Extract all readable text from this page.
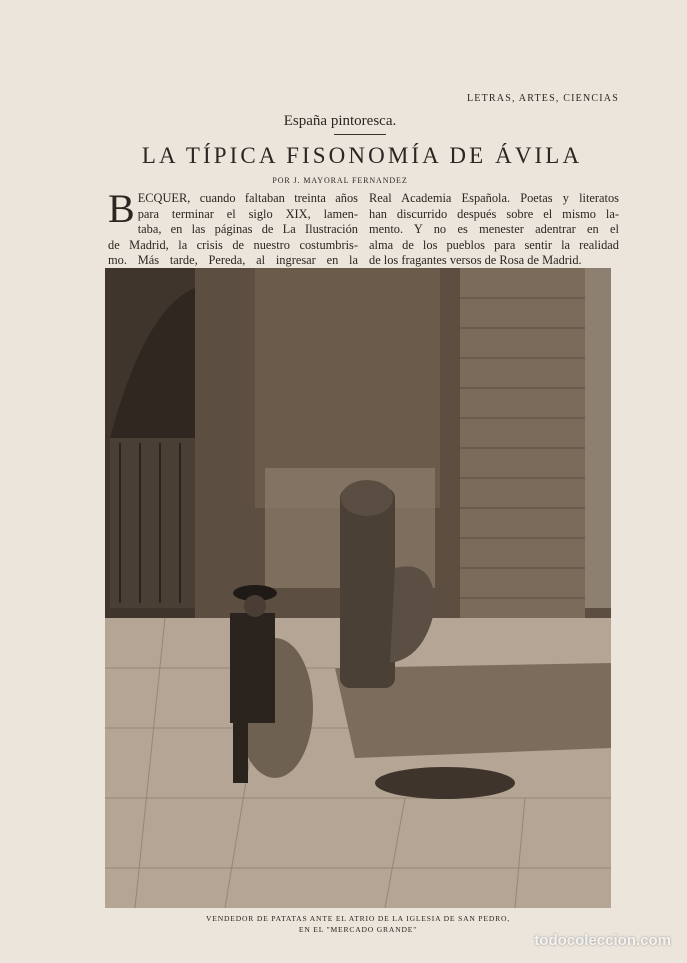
LETRAS, ARTES, CIENCIAS
España pintoresca.
LA TÍPICA FISONOMÍA DE ÁVILA
POR J. MAYORAL FERNANDEZ
B ECQUER, cuando faltaban treinta años
para terminar el siglo XIX, lamen-
taba, en las páginas de La Ilustración
de Madrid, la crisis de nuestro costumbris-
mo. Más tarde, Pereda, al ingresar en la
Real Academia Española. Poetas y literatos
han discurrido después sobre el mismo la-
mento. Y no es menester adentrar en el
alma de los pueblos para sentir la realidad
de los fragantes versos de Rosa de Madrid.
VENDEDOR DE PATATAS ANTE EL ATRIO DE LA IGLESIA DE SAN PEDRO,
EN EL "MERCADO GRANDE"
todocoleccion.com
